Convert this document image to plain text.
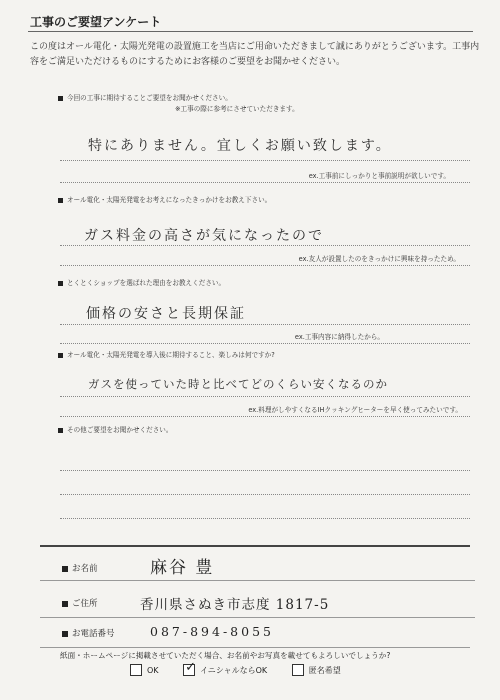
工事のご要望アンケート
この度はオール電化・太陽光発電の設置施工を当店にご用命いただきまして誠にありがとうございます。工事内容をご満足いただけるものにするためにお客様のご要望をお聞かせください。
今回の工事に期待することご要望をお聞かせください。
※工事の際に参考にさせていただきます。
特にありません。宜しくお願い致します。
ex.工事前にしっかりと事前説明が欲しいです。
オール電化・太陽光発電をお考えになったきっかけをお教え下さい。
ガス料金の高さが気になったので
ex.友人が設置したのをきっかけに興味を持ったため。
とくとくショップを選ばれた理由をお教えください。
価格の安さと長期保証
ex.工事内容に納得したから。
オール電化・太陽光発電を導入後に期待すること、楽しみは何ですか?
ガスを使っていた時と比べてどのくらい安くなるのか
ex.料理がしやすくなるIHクッキングヒーターを早く使ってみたいです。
その他ご要望をお聞かせください。
お名前	麻谷 豊
ご住所	香川県さぬき市志度 1817-5
お電話番号	087-894-8055
紙面・ホームページに掲載させていただく場合、お名前やお写真を載せてもよろしいでしょうか?
OK
✓ イニシャルならOK
	匿名希望
